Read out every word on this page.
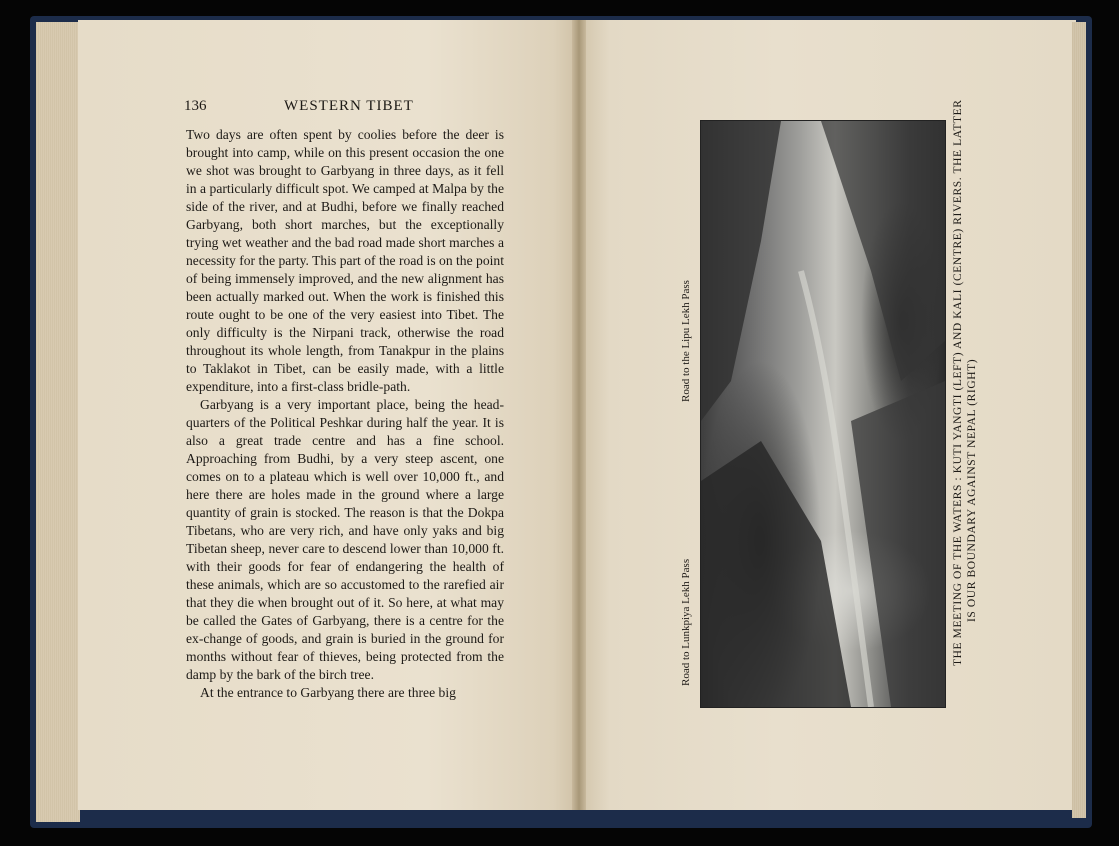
136	WESTERN TIBET

Two days are often spent by coolies before the deer is brought into camp, while on this present occasion the one we shot was brought to Garbyang in three days, as it fell in a particularly difficult spot. We camped at Malpa by the side of the river, and at Budhi, before we finally reached Garbyang, both short marches, but the exceptionally trying wet weather and the bad road made short marches a necessity for the party. This part of the road is on the point of being immensely improved, and the new alignment has been actually marked out. When the work is finished this route ought to be one of the very easiest into Tibet. The only difficulty is the Nirpani track, otherwise the road throughout its whole length, from Tanakpur in the plains to Taklakot in Tibet, can be easily made, with a little expenditure, into a first-class bridle-path.

Garbyang is a very important place, being the head-quarters of the Political Peshkar during half the year. It is also a great trade centre and has a fine school. Approaching from Budhi, by a very steep ascent, one comes on to a plateau which is well over 10,000 ft., and here there are holes made in the ground where a large quantity of grain is stocked. The reason is that the Dokpa Tibetans, who are very rich, and have only yaks and big Tibetan sheep, never care to descend lower than 10,000 ft. with their goods for fear of endangering the health of these animals, which are so accustomed to the rarefied air that they die when brought out of it. So here, at what may be called the Gates of Garbyang, there is a centre for the ex-change of goods, and grain is buried in the ground for months without fear of thieves, being protected from the damp by the bark of the birch tree.

At the entrance to Garbyang there are three big

Road to Lunkpiya Lekh Pass
Road to the Lipu Lekh Pass	THE MEETING OF THE WATERS : KUTI YANGTI (LEFT) AND KALI (CENTRE) RIVERS. THE LATTER IS OUR BOUNDARY AGAINST NEPAL (RIGHT)
